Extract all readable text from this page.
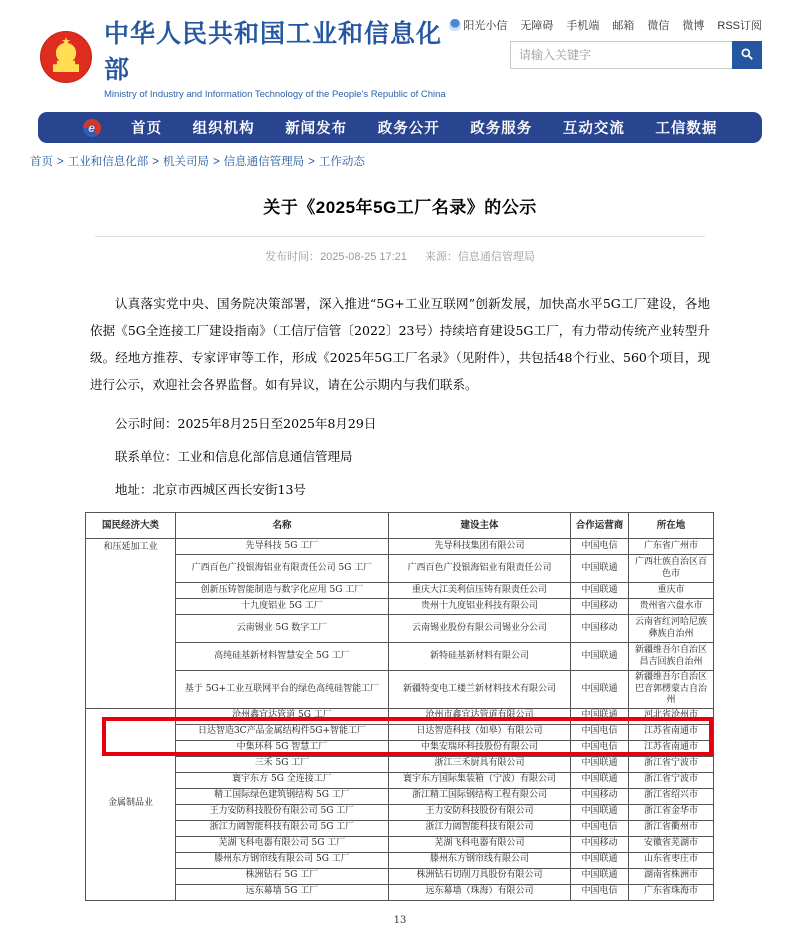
★	中华人民共和国工业和信息化部
Ministry of Industry and Information Technology of the People's Republic of China
阳光小信 无障碍 手机端 邮箱 微信 微博 RSS订阅
请输入关键字
e
首页 组织机构 新闻发布 政务公开 政务服务 互动交流 工信数据
首页 > 工业和信息化部 > 机关司局 > 信息通信管理局 > 工作动态
关于《2025年5G工厂名录》的公示
发布时间：2025-08-25 17:21 来源：信息通信管理局

认真落实党中央、国务院决策部署，深入推进“5G+工业互联网”创新发展，加快高水平5G工厂建设，各地依据《5G全连接工厂建设指南》（工信厅信管〔2022〕23号）持续培育建设5G工厂，有力带动传统产业转型升级。经地方推荐、专家评审等工作，形成《2025年5G工厂名录》（见附件），共包括48个行业、560个项目，现进行公示，欢迎社会各界监督。如有异议，请在公示期内与我们联系。

公示时间：2025年8月25日至2025年8月29日
联系单位：工业和信息化部信息通信管理局
地址：北京市西城区西长安街13号
国民经济大类	名称	建设主体	合作运营商	所在地
和压延加工业	先导科技 5G 工厂	先导科技集团有限公司	中国电信	广东省广州市
	广西百色广投银海铝业有限责任公司 5G 工厂	广西百色广投银海铝业有限责任公司	中国联通	广西壮族自治区百色市
	创新压铸智能制造与数字化应用 5G 工厂	重庆大江美利信压铸有限责任公司	中国联通	重庆市
	十九度铝业 5G 工厂	贵州十九度铝业科技有限公司	中国移动	贵州省六盘水市
	云南锡业 5G 数字工厂	云南锡业股份有限公司锡业分公司	中国移动	云南省红河哈尼族彝族自治州
	高纯硅基新材料智慧安全 5G 工厂	新特硅基新材料有限公司	中国联通	新疆维吾尔自治区昌吉回族自治州
	基于 5G+工业互联网平台的绿色高纯硅智能工厂	新疆特变电工楼兰新材料技术有限公司	中国联通	新疆维吾尔自治区巴音郭楞蒙古自治州
金属制品业	沧州鑫宜达管道 5G 工厂	沧州市鑫宜达管道有限公司	中国联通	河北省沧州市
	日达智造3C产品金属结构件5G+智能工厂	日达智造科技（如皋）有限公司	中国电信	江苏省南通市
	中集环科 5G 智慧工厂	中集安瑞环科技股份有限公司	中国电信	江苏省南通市
	三禾 5G 工厂	浙江三禾厨具有限公司	中国联通	浙江省宁波市
	寰宇东方 5G 全连接工厂	寰宇东方国际集装箱（宁波）有限公司	中国联通	浙江省宁波市
	精工国际绿色建筑钢结构 5G 工厂	浙江精工国际钢结构工程有限公司	中国移动	浙江省绍兴市
	王力安防科技股份有限公司 5G 工厂	王力安防科技股份有限公司	中国联通	浙江省金华市
	浙江力阔智能科技有限公司 5G 工厂	浙江力阔智能科技有限公司	中国电信	浙江省衢州市
	芜湖飞科电器有限公司 5G 工厂	芜湖飞科电器有限公司	中国移动	安徽省芜湖市
	滕州东方钢帘线有限公司 5G 工厂	滕州东方钢帘线有限公司	中国联通	山东省枣庄市
	株洲钻石 5G 工厂	株洲钻石切削刀具股份有限公司	中国联通	湖南省株洲市
	远东幕墙 5G 工厂	远东幕墙（珠海）有限公司	中国电信	广东省珠海市
13
